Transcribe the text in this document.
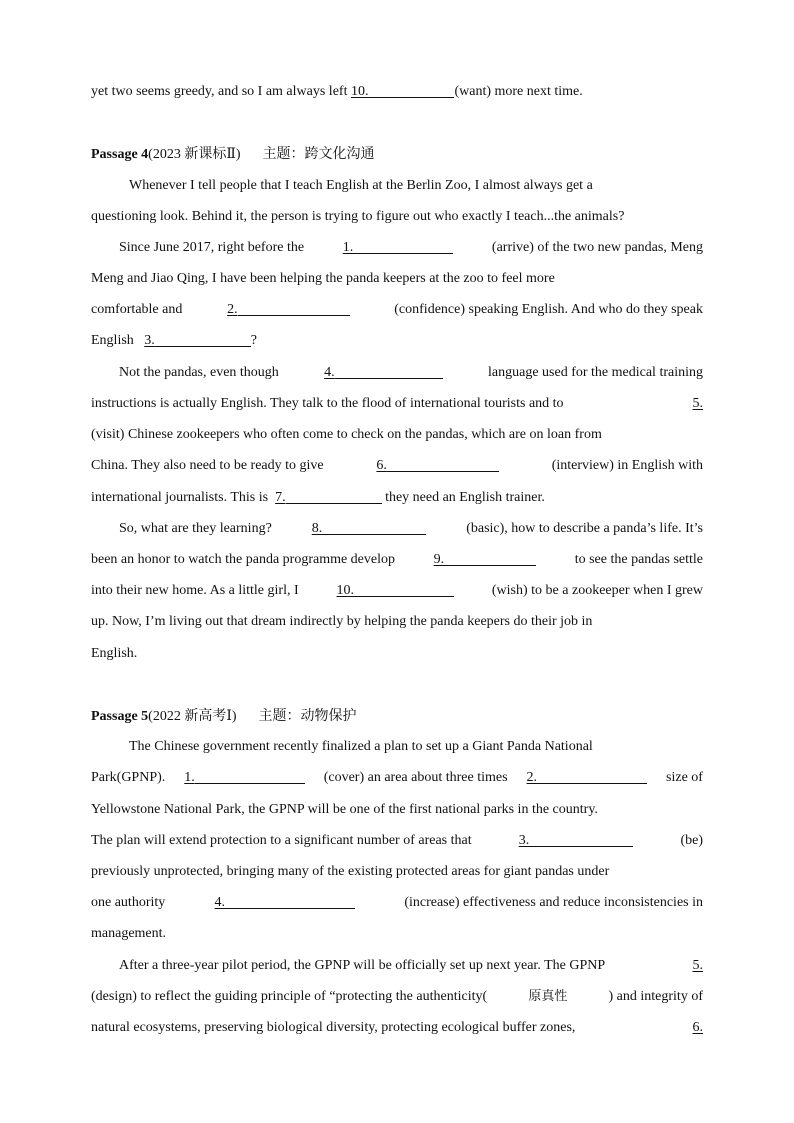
yet two seems greedy, and so I am always left
10.	(want) more next time.
Passage 4(2023 新课标Ⅱ) 主题：跨文化沟通
Whenever I tell people that I teach English at the Berlin Zoo, I almost always get a
questioning look. Behind it, the person is trying to figure out who exactly I teach...the animals?
Since June 2017, right before the	1.	(arrive) of the two new pandas, Meng
Meng and Jiao Qing, I have been helping the panda keepers at the zoo to feel more
comfortable and	2.	(confidence) speaking English. And who do they speak
English
3.	?
Not the pandas, even though	4.	language used for the medical training
instructions is actually English. They talk to the flood of international tourists and to	5.
(visit) Chinese zookeepers who often come to check on the pandas, which are on loan from
China. They also need to be ready to give	6.	(interview) in English with
international journalists. This is
7.
	they need an English trainer.
So, what are they learning?	8.	(basic), how to describe a panda’s life. It’s
been an honor to watch the panda programme develop	9.	to see the pandas settle
into their new home. As a little girl, I	10.	(wish) to be a zookeeper when I grew
up. Now, I’m living out that dream indirectly by helping the panda keepers do their job in
English.
Passage 5(2022 新高考Ⅰ) 主题：动物保护
The Chinese government recently finalized a plan to set up a Giant Panda National
Park(GPNP). 1.	(cover) an area about three times 2.	size of
Yellowstone National Park, the GPNP will be one of the first national parks in the country.
The plan will extend protection to a significant number of areas that	3.	(be)
previously unprotected, bringing many of the existing protected areas for giant pandas under
one authority	4.	(increase) effectiveness and reduce inconsistencies in
management.
After a three-year pilot period, the GPNP will be officially set up next year. The GPNP	5.
(design) to reflect the guiding principle of “protecting the authenticity(	原真性	) and integrity of
natural ecosystems, preserving biological diversity, protecting ecological buffer zones,	6.
